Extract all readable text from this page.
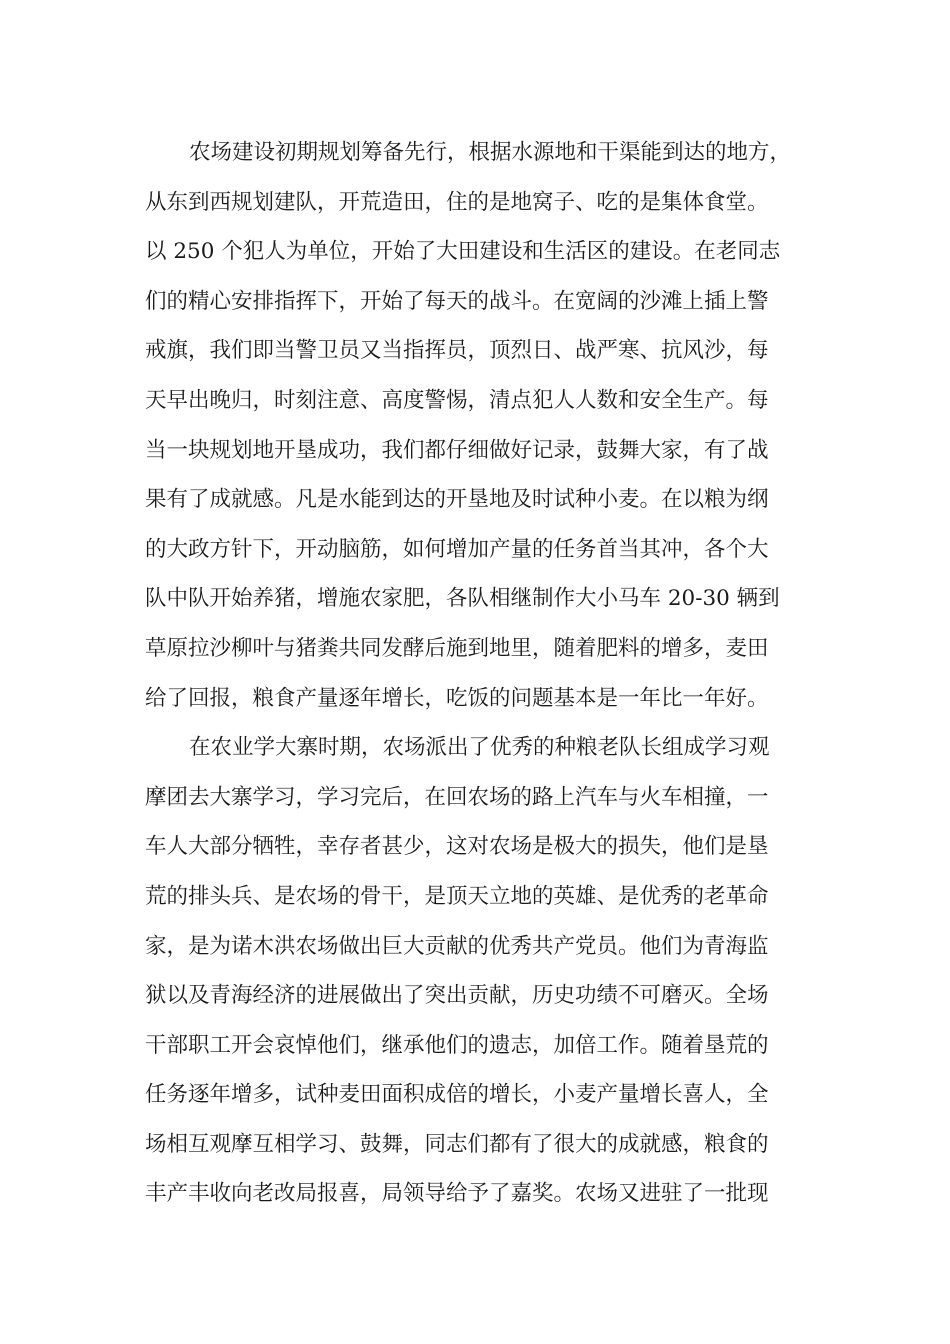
农场建设初期规划筹备先行，根据水源地和干渠能到达的地方，
从东到西规划建队，开荒造田，住的是地窝子、吃的是集体食堂。
以 250 个犯人为单位，开始了大田建设和生活区的建设。在老同志
们的精心安排指挥下，开始了每天的战斗。在宽阔的沙滩上插上警
戒旗，我们即当警卫员又当指挥员，顶烈日、战严寒、抗风沙，每
天早出晚归，时刻注意、高度警惕，清点犯人人数和安全生产。每
当一块规划地开垦成功，我们都仔细做好记录，鼓舞大家，有了战
果有了成就感。凡是水能到达的开垦地及时试种小麦。在以粮为纲
的大政方针下，开动脑筋，如何增加产量的任务首当其冲，各个大
队中队开始养猪，增施农家肥，各队相继制作大小马车 20-30 辆到
草原拉沙柳叶与猪粪共同发酵后施到地里，随着肥料的增多，麦田
给了回报，粮食产量逐年增长，吃饭的问题基本是一年比一年好。
在农业学大寨时期，农场派出了优秀的种粮老队长组成学习观
摩团去大寨学习，学习完后，在回农场的路上汽车与火车相撞，一
车人大部分牺牲，幸存者甚少，这对农场是极大的损失，他们是垦
荒的排头兵、是农场的骨干，是顶天立地的英雄、是优秀的老革命
家，是为诺木洪农场做出巨大贡献的优秀共产党员。他们为青海监
狱以及青海经济的进展做出了突出贡献，历史功绩不可磨灭。全场
干部职工开会哀悼他们，继承他们的遗志，加倍工作。随着垦荒的
任务逐年增多，试种麦田面积成倍的增长，小麦产量增长喜人，全
场相互观摩互相学习、鼓舞，同志们都有了很大的成就感，粮食的
丰产丰收向老改局报喜，局领导给予了嘉奖。农场又进驻了一批现
